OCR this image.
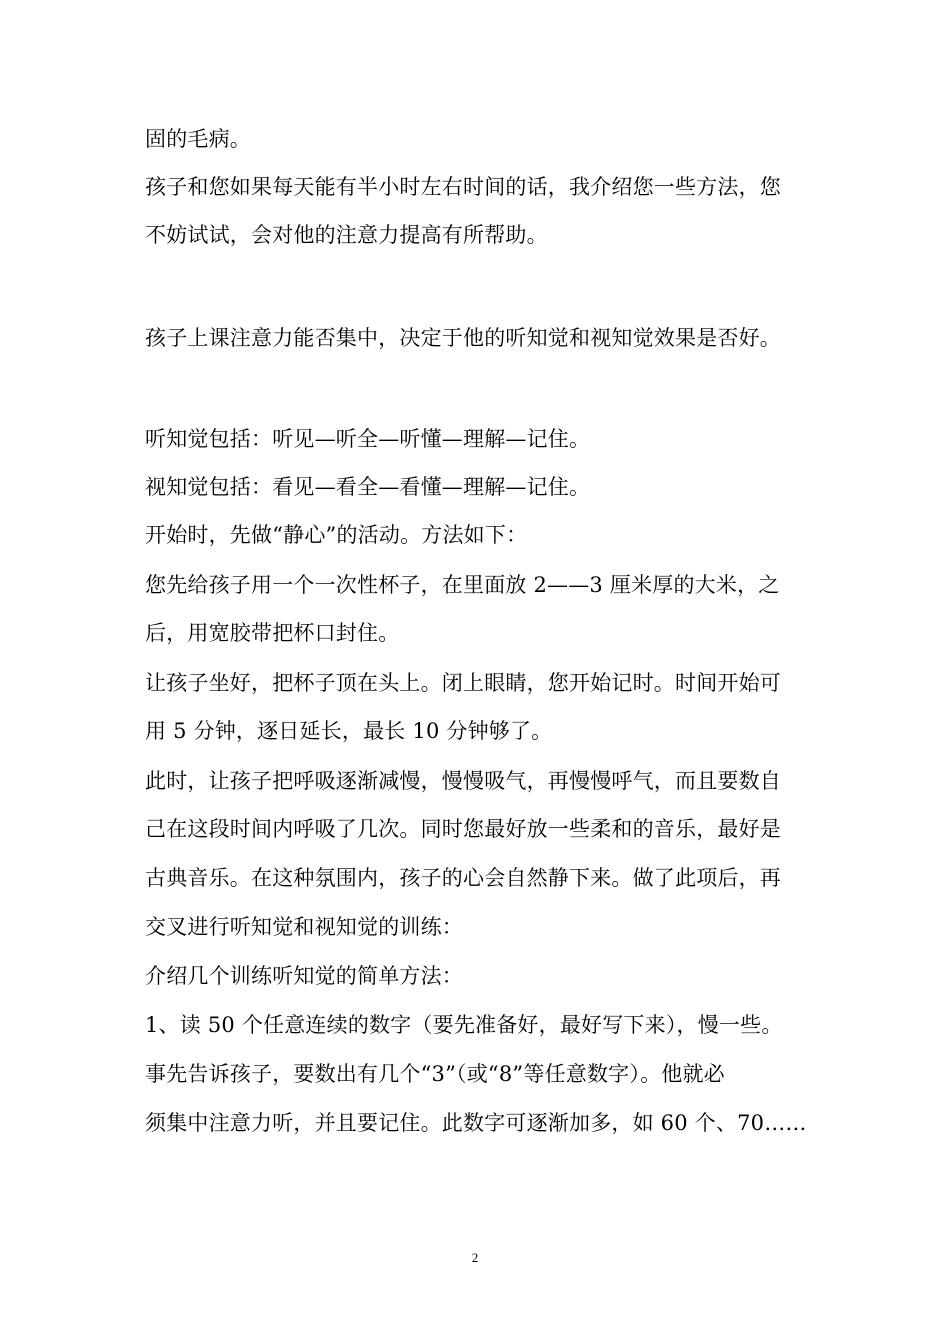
固的毛病。
孩子和您如果每天能有半小时左右时间的话，我介绍您一些方法，您
不妨试试，会对他的注意力提高有所帮助。
孩子上课注意力能否集中，决定于他的听知觉和视知觉效果是否好。
听知觉包括：听见—听全—听懂—理解—记住。
视知觉包括：看见—看全—看懂—理解—记住。
开始时，先做“静心”的活动。方法如下：
您先给孩子用一个一次性杯子，在里面放 2——3 厘米厚的大米，之
后，用宽胶带把杯口封住。
让孩子坐好，把杯子顶在头上。闭上眼睛，您开始记时。时间开始可
用 5 分钟，逐日延长，最长 10 分钟够了。
此时，让孩子把呼吸逐渐减慢，慢慢吸气，再慢慢呼气，而且要数自
己在这段时间内呼吸了几次。同时您最好放一些柔和的音乐，最好是
古典音乐。在这种氛围内，孩子的心会自然静下来。做了此项后，再
交叉进行听知觉和视知觉的训练：
介绍几个训练听知觉的简单方法：
1、读 50 个任意连续的数字（要先准备好，最好写下来），慢一些。
事先告诉孩子，要数出有几个“3”（或“8”等任意数字）。他就必
须集中注意力听，并且要记住。此数字可逐渐加多，如 60 个、70……
2
